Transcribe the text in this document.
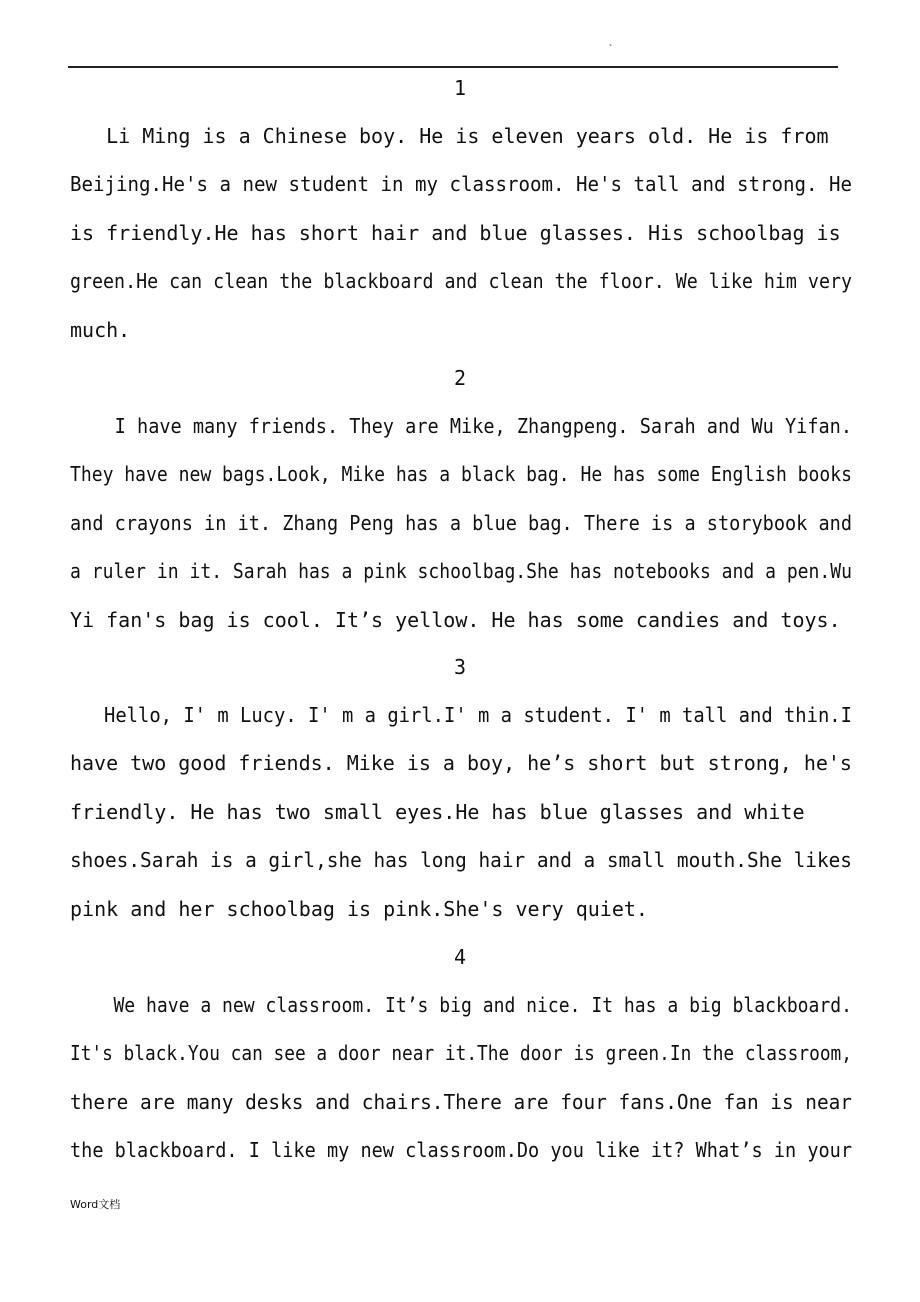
`
1
Li Ming is a Chinese boy. He is eleven years old. He is from
Beijing.He's a new student in my classroom. He's tall and strong. He
is friendly.He has short hair and blue glasses. His schoolbag is
green.He can clean the blackboard and clean the floor. We like him very
much.
2
I have many friends. They are Mike, Zhangpeng. Sarah and Wu Yifan.
They have new bags.Look, Mike has a black bag. He has some English books
and crayons in it. Zhang Peng has a blue bag. There is a storybook and
a ruler in it. Sarah has a pink schoolbag.She has notebooks and a pen.Wu
Yi fan's bag is cool. It’s yellow. He has some candies and toys.
3
Hello, I' m Lucy. I' m a girl.I' m a student. I' m tall and thin.I
have two good friends. Mike is a boy, he’s short but strong, he's
friendly. He has two small eyes.He has blue glasses and white
shoes.Sarah is a girl,she has long hair and a small mouth.She likes
pink and her schoolbag is pink.She's very quiet.
4
We have a new classroom. It’s big and nice. It has a big blackboard.
It's black.You can see a door near it.The door is green.In the classroom,
there are many desks and chairs.There are four fans.One fan is near
the blackboard. I like my new classroom.Do you like it? What’s in your
Word文档
